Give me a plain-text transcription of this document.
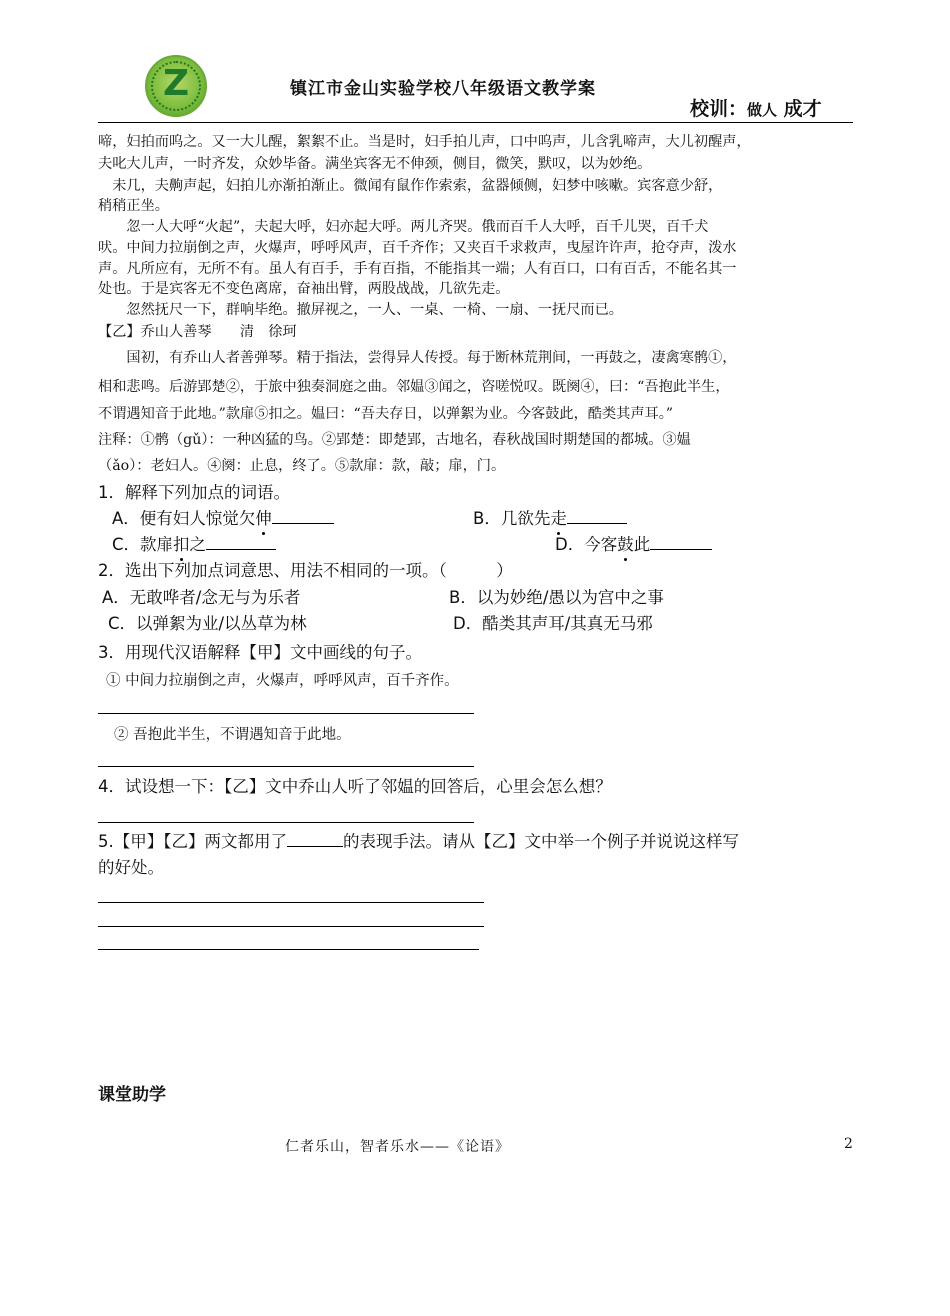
Z	镇江市金山实验学校八年级语文教学案
校训：做人 成才
啼，妇拍而呜之。又一大儿醒，絮絮不止。当是时，妇手拍儿声，口中呜声，儿含乳啼声，大儿初醒声，
夫叱大儿声，一时齐发，众妙毕备。满坐宾客无不伸颈，侧目，微笑，默叹，以为妙绝。
　未几，夫齁声起，妇拍儿亦渐拍渐止。微闻有鼠作作索索，盆器倾侧，妇梦中咳嗽。宾客意少舒，
稍稍正坐。
　　忽一人大呼“火起”，夫起大呼，妇亦起大呼。两儿齐哭。俄而百千人大呼，百千儿哭，百千犬
吠。中间力拉崩倒之声，火爆声，呼呼风声，百千齐作；又夹百千求救声，曳屋许许声，抢夺声，泼水
声。凡所应有，无所不有。虽人有百手，手有百指，不能指其一端；人有百口，口有百舌，不能名其一
处也。于是宾客无不变色离席，奋袖出臂，两股战战，几欲先走。
　　忽然抚尺一下，群响毕绝。撤屏视之，一人、一桌、一椅、一扇、一抚尺而已。
【乙】乔山人善琴　　清　徐珂
　　国初，有乔山人者善弹琴。精于指法，尝得异人传授。每于断林荒荆间，一再鼓之，凄禽寒鹘①，
相和悲鸣。后游郢楚②，于旅中独奏洞庭之曲。邻媪③闻之，咨嗟悦叹。既阕④，曰：“吾抱此半生，
不谓遇知音于此地。”款扉⑤扣之。媪曰：“吾夫存日，以弹絮为业。今客鼓此，酷类其声耳。”
注释：①鹘（gǔ）：一种凶猛的鸟。②郢楚：即楚郢，古地名，春秋战国时期楚国的都城。③媪
（ǎo）：老妇人。④阕：止息，终了。⑤款扉：款，敲；扉，门。
1．解释下列加点的词语。
A．便有妇人惊觉欠伸	B．几欲先走
C．款扉扣之	D．今客鼓此
2．选出下列加点词意思、用法不相同的一项。（　　　）
A．无敢哗者/念无与为乐者	B．以为妙绝/愚以为宫中之事
C．以弹絮为业/以丛草为林	D．酷类其声耳/其真无马邪
3．用现代汉语解释【甲】文中画线的句子。
① 中间力拉崩倒之声，火爆声，呼呼风声，百千齐作。
② 吾抱此半生，不谓遇知音于此地。
4．试设想一下：【乙】文中乔山人听了邻媪的回答后，心里会怎么想？
5.【甲】【乙】两文都用了	的表现手法。请从【乙】文中举一个例子并说说这样写
的好处。
课堂助学
仁者乐山，智者乐水——《论语》	2
